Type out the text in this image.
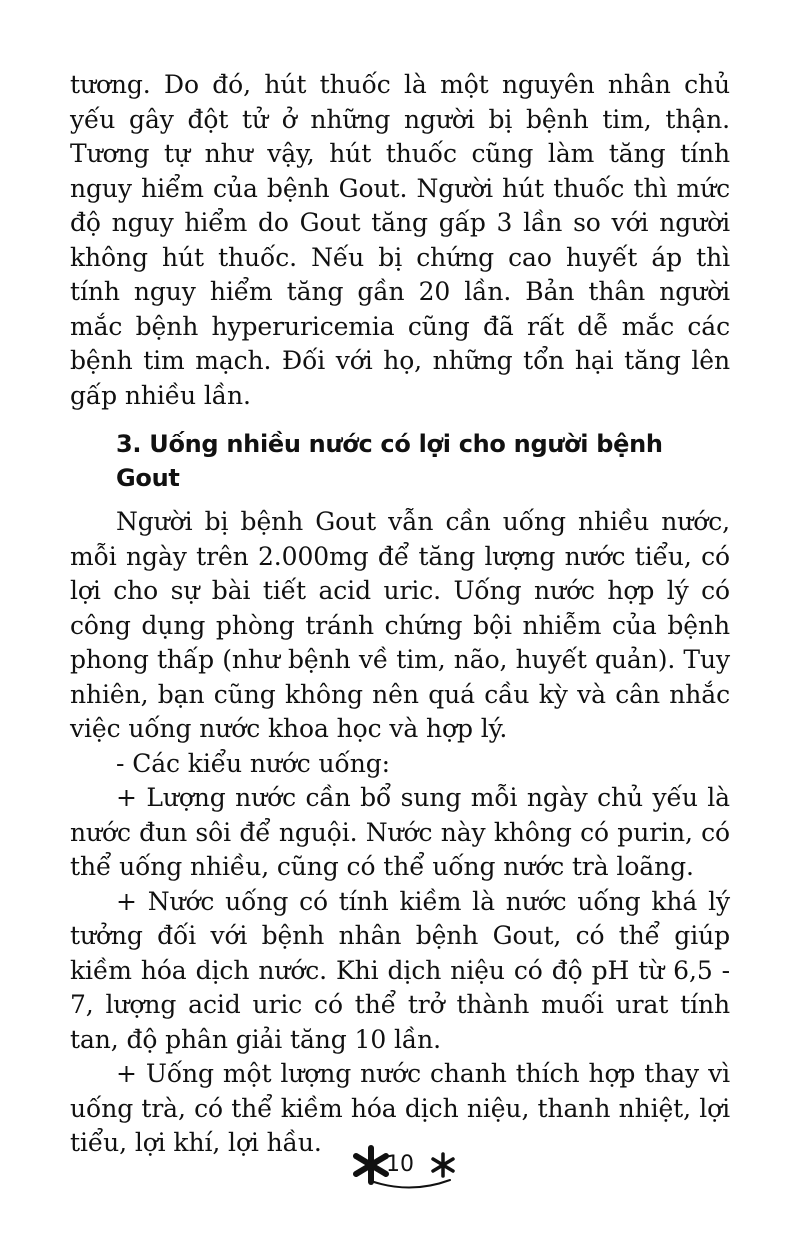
tương. Do đó, hút thuốc là một nguyên nhân chủ yếu gây đột tử ở những người bị bệnh tim, thận. Tương tự như vậy, hút thuốc cũng làm tăng tính nguy hiểm của bệnh Gout. Người hút thuốc thì mức độ nguy hiểm do Gout tăng gấp 3 lần so với người không hút thuốc. Nếu bị chứng cao huyết áp thì tính nguy hiểm tăng gần 20 lần. Bản thân người mắc bệnh hyperuricemia cũng đã rất dễ mắc các bệnh tim mạch. Đối với họ, những tổn hại tăng lên gấp nhiều lần.

3. Uống nhiều nước có lợi cho người bệnh Gout

Người bị bệnh Gout vẫn cần uống nhiều nước, mỗi ngày trên 2.000mg để tăng lượng nước tiểu, có lợi cho sự bài tiết acid uric. Uống nước hợp lý có công dụng phòng tránh chứng bội nhiễm của bệnh phong thấp (như bệnh về tim, não, huyết quản). Tuy nhiên, bạn cũng không nên quá cầu kỳ và cân nhắc việc uống nước khoa học và hợp lý.

- Các kiểu nước uống:

+ Lượng nước cần bổ sung mỗi ngày chủ yếu là nước đun sôi để nguội. Nước này không có purin, có thể uống nhiều, cũng có thể uống nước trà loãng.

+ Nước uống có tính kiềm là nước uống khá lý tưởng đối với bệnh nhân bệnh Gout, có thể giúp kiềm hóa dịch nước. Khi dịch niệu có độ pH từ 6,5 - 7, lượng acid uric có thể trở thành muối urat tính tan, độ phân giải tăng 10 lần.

+ Uống một lượng nước chanh thích hợp thay vì uống trà, có thể kiềm hóa dịch niệu, thanh nhiệt, lợi tiểu, lợi khí, lợi hầu.

10
